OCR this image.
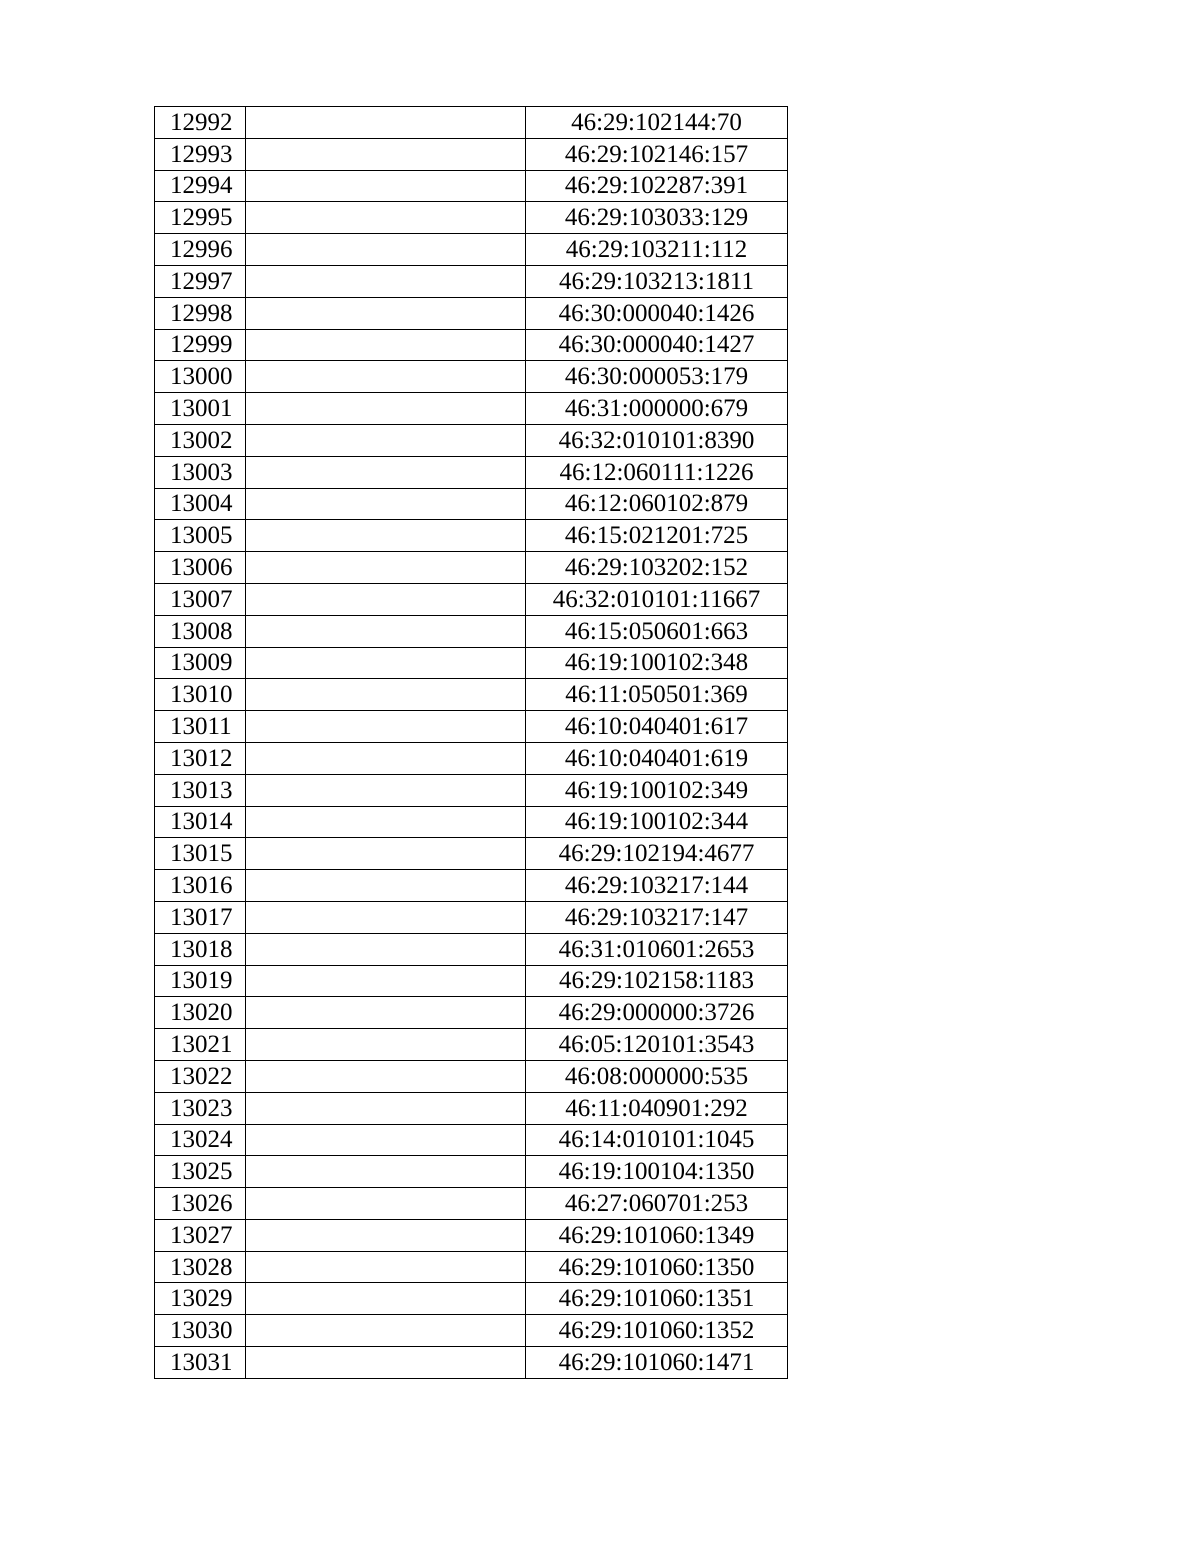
12992		46:29:102144:70
12993		46:29:102146:157
12994		46:29:102287:391
12995		46:29:103033:129
12996		46:29:103211:112
12997		46:29:103213:1811
12998		46:30:000040:1426
12999		46:30:000040:1427
13000		46:30:000053:179
13001		46:31:000000:679
13002		46:32:010101:8390
13003		46:12:060111:1226
13004		46:12:060102:879
13005		46:15:021201:725
13006		46:29:103202:152
13007		46:32:010101:11667
13008		46:15:050601:663
13009		46:19:100102:348
13010		46:11:050501:369
13011		46:10:040401:617
13012		46:10:040401:619
13013		46:19:100102:349
13014		46:19:100102:344
13015		46:29:102194:4677
13016		46:29:103217:144
13017		46:29:103217:147
13018		46:31:010601:2653
13019		46:29:102158:1183
13020		46:29:000000:3726
13021		46:05:120101:3543
13022		46:08:000000:535
13023		46:11:040901:292
13024		46:14:010101:1045
13025		46:19:100104:1350
13026		46:27:060701:253
13027		46:29:101060:1349
13028		46:29:101060:1350
13029		46:29:101060:1351
13030		46:29:101060:1352
13031		46:29:101060:1471
